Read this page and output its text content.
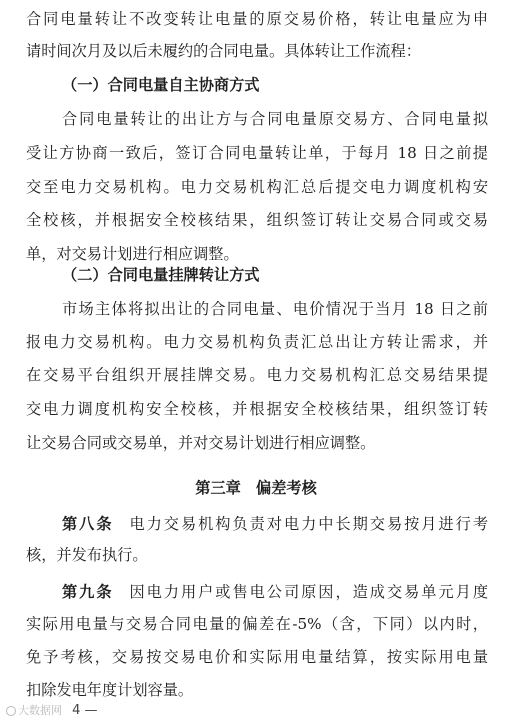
合同电量转让不改变转让电量的原交易价格，转让电量应为申
请时间次月及以后未履约的合同电量。具体转让工作流程：
（一）合同电量自主协商方式
合同电量转让的出让方与合同电量原交易方、合同电量拟
受让方协商一致后，签订合同电量转让单，于每月 18 日之前提
交至电力交易机构。电力交易机构汇总后提交电力调度机构安
全校核，并根据安全校核结果，组织签订转让交易合同或交易
单，对交易计划进行相应调整。
（二）合同电量挂牌转让方式
市场主体将拟出让的合同电量、电价情况于当月 18 日之前
报电力交易机构。电力交易机构负责汇总出让方转让需求，并
在交易平台组织开展挂牌交易。电力交易机构汇总交易结果提
交电力调度机构安全校核，并根据安全校核结果，组织签订转
让交易合同或交易单，并对交易计划进行相应调整。
第三章　偏差考核
第八条 电力交易机构负责对电力中长期交易按月进行考
核，并发布执行。
第九条 因电力用户或售电公司原因，造成交易单元月度
实际用电量与交易合同电量的偏差在-5%（含，下同）以内时，
免予考核，交易按交易电价和实际用电量结算，按实际用电量
扣除发电年度计划容量。
大数据网 4 —
